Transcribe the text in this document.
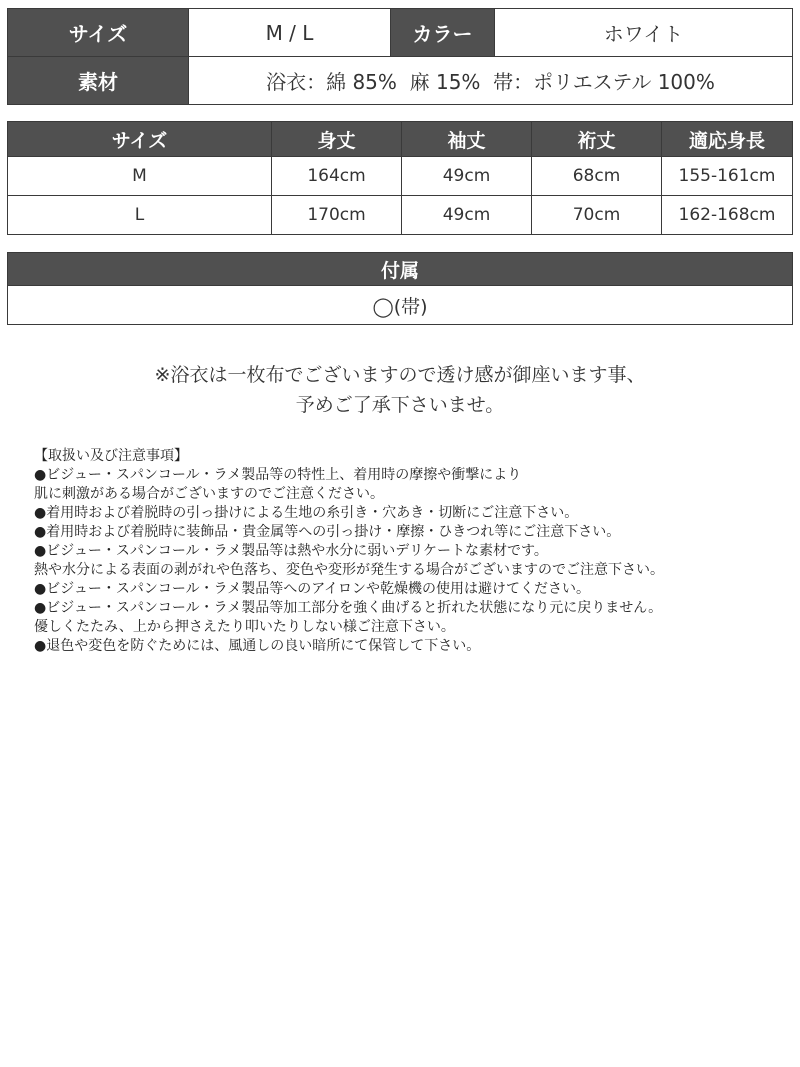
サイズ	M / L	カラー	ホワイト
素材	浴衣：綿 85%  麻 15%  帯：ポリエステル 100%		
サイズ	身丈	袖丈	裄丈	適応身長
M	164cm	49cm	68cm	155-161cm
L	170cm	49cm	70cm	162-168cm
付属
◯(帯)
※浴衣は一枚布でございますので透け感が御座います事、
予めご了承下さいませ。
【取扱い及び注意事項】
●ビジュー・スパンコール・ラメ製品等の特性上、着用時の摩擦や衝撃により
肌に刺激がある場合がございますのでご注意ください。
●着用時および着脱時の引っ掛けによる生地の糸引き・穴あき・切断にご注意下さい。
●着用時および着脱時に装飾品・貴金属等への引っ掛け・摩擦・ひきつれ等にご注意下さい。
●ビジュー・スパンコール・ラメ製品等は熱や水分に弱いデリケートな素材です。
熱や水分による表面の剥がれや色落ち、変色や変形が発生する場合がございますのでご注意下さい。
●ビジュー・スパンコール・ラメ製品等へのアイロンや乾燥機の使用は避けてください。
●ビジュー・スパンコール・ラメ製品等加工部分を強く曲げると折れた状態になり元に戻りません。
優しくたたみ、上から押さえたり叩いたりしない様ご注意下さい。
●退色や変色を防ぐためには、風通しの良い暗所にて保管して下さい。
